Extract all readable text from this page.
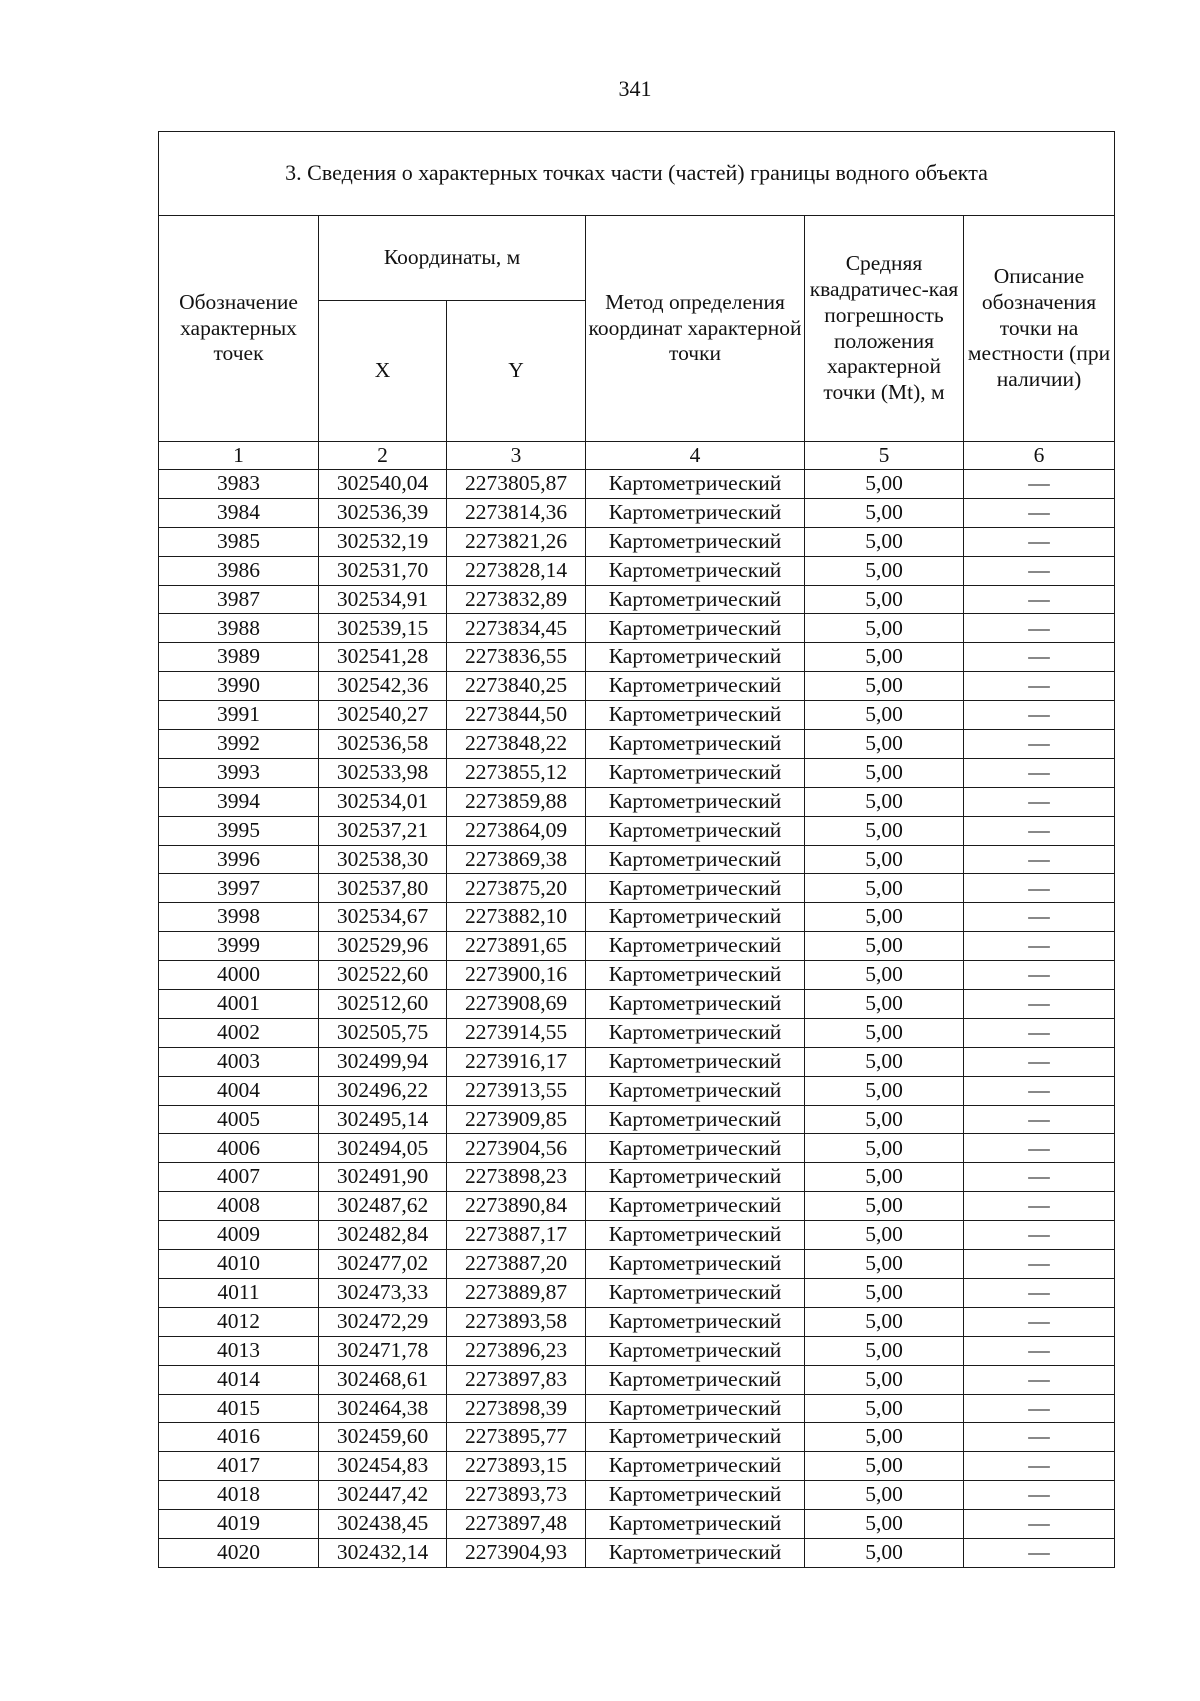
341
3. Сведения о характерных точках части (частей) границы водного объекта					
Обозначение характерных точек	Координаты, м		Метод определения координат характерной точки	Средняя квадратичес-кая погрешность положения характерной точки (Mt), м	Описание обозначения точки на местности (при наличии)
	X	Y			
1	2	3	4	5	6
3983	302540,04	2273805,87	Картометрический	5,00	—
3984	302536,39	2273814,36	Картометрический	5,00	—
3985	302532,19	2273821,26	Картометрический	5,00	—
3986	302531,70	2273828,14	Картометрический	5,00	—
3987	302534,91	2273832,89	Картометрический	5,00	—
3988	302539,15	2273834,45	Картометрический	5,00	—
3989	302541,28	2273836,55	Картометрический	5,00	—
3990	302542,36	2273840,25	Картометрический	5,00	—
3991	302540,27	2273844,50	Картометрический	5,00	—
3992	302536,58	2273848,22	Картометрический	5,00	—
3993	302533,98	2273855,12	Картометрический	5,00	—
3994	302534,01	2273859,88	Картометрический	5,00	—
3995	302537,21	2273864,09	Картометрический	5,00	—
3996	302538,30	2273869,38	Картометрический	5,00	—
3997	302537,80	2273875,20	Картометрический	5,00	—
3998	302534,67	2273882,10	Картометрический	5,00	—
3999	302529,96	2273891,65	Картометрический	5,00	—
4000	302522,60	2273900,16	Картометрический	5,00	—
4001	302512,60	2273908,69	Картометрический	5,00	—
4002	302505,75	2273914,55	Картометрический	5,00	—
4003	302499,94	2273916,17	Картометрический	5,00	—
4004	302496,22	2273913,55	Картометрический	5,00	—
4005	302495,14	2273909,85	Картометрический	5,00	—
4006	302494,05	2273904,56	Картометрический	5,00	—
4007	302491,90	2273898,23	Картометрический	5,00	—
4008	302487,62	2273890,84	Картометрический	5,00	—
4009	302482,84	2273887,17	Картометрический	5,00	—
4010	302477,02	2273887,20	Картометрический	5,00	—
4011	302473,33	2273889,87	Картометрический	5,00	—
4012	302472,29	2273893,58	Картометрический	5,00	—
4013	302471,78	2273896,23	Картометрический	5,00	—
4014	302468,61	2273897,83	Картометрический	5,00	—
4015	302464,38	2273898,39	Картометрический	5,00	—
4016	302459,60	2273895,77	Картометрический	5,00	—
4017	302454,83	2273893,15	Картометрический	5,00	—
4018	302447,42	2273893,73	Картометрический	5,00	—
4019	302438,45	2273897,48	Картометрический	5,00	—
4020	302432,14	2273904,93	Картометрический	5,00	—
